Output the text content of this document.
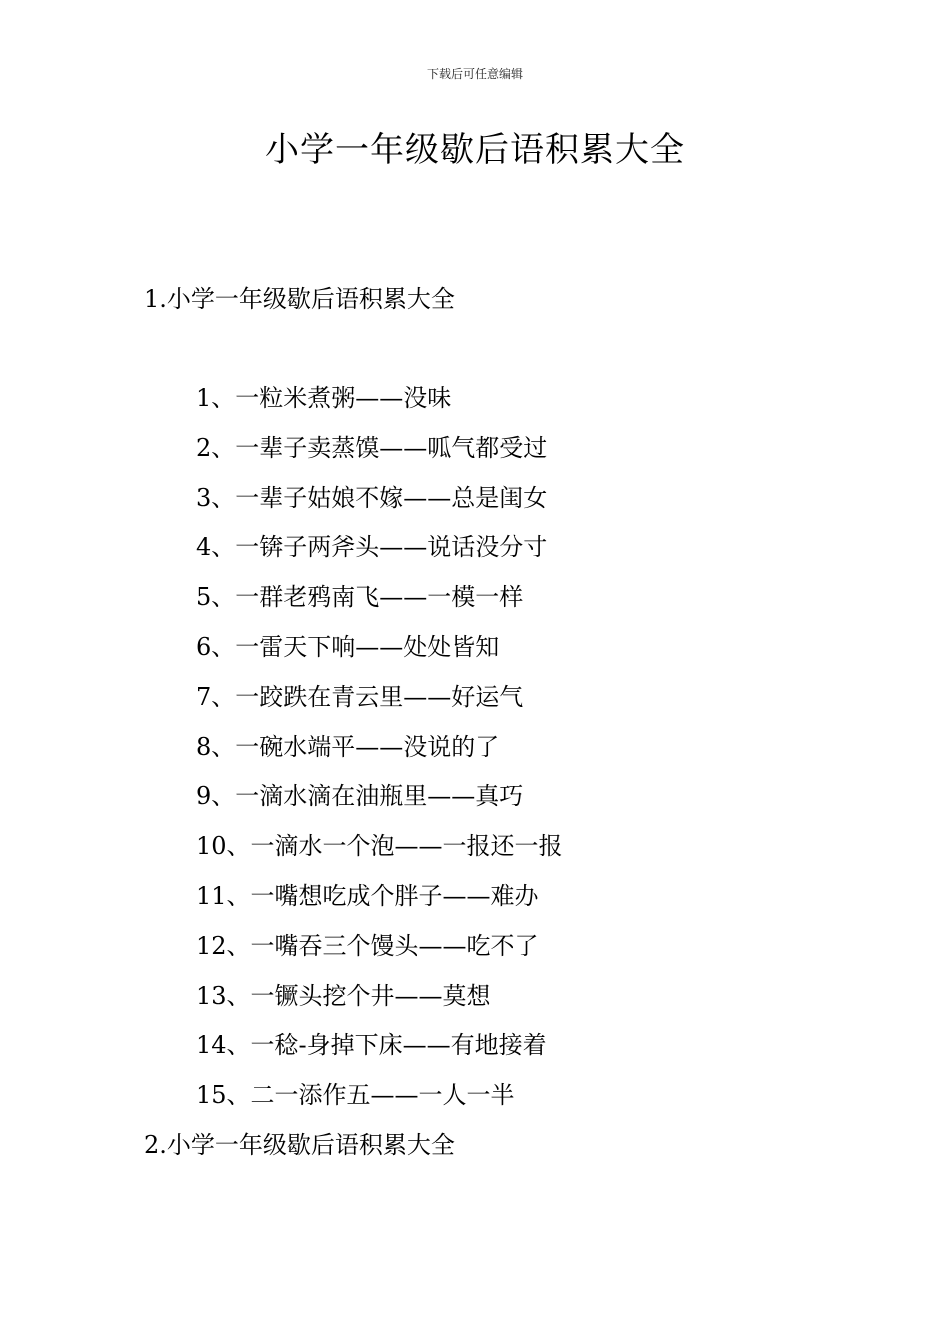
下载后可任意编辑
小学一年级歇后语积累大全
1.小学一年级歇后语积累大全
1 、 一粒米煮粥——没味
2 、 一辈子卖蒸馍——呱气都受过
3 、 一辈子姑娘不嫁——总是闺女
4 、 一锛子两斧头——说话没分寸
5 、 一群老鸦南飞——一模一样
6 、 一雷天下响——处处皆知
7 、 一跤跌在青云里——好运气
8 、 一碗水端平——没说的了
9 、 一滴水滴在油瓶里——真巧
10 、 一滴水一个泡——一报还一报
11 、 一嘴想吃成个胖子——难办
12 、 一嘴吞三个馒头——吃不了
13 、 一镢头挖个井——莫想
14 、 一稔-身掉下床——有地接着
15 、 二一添作五——一人一半
2.小学一年级歇后语积累大全
